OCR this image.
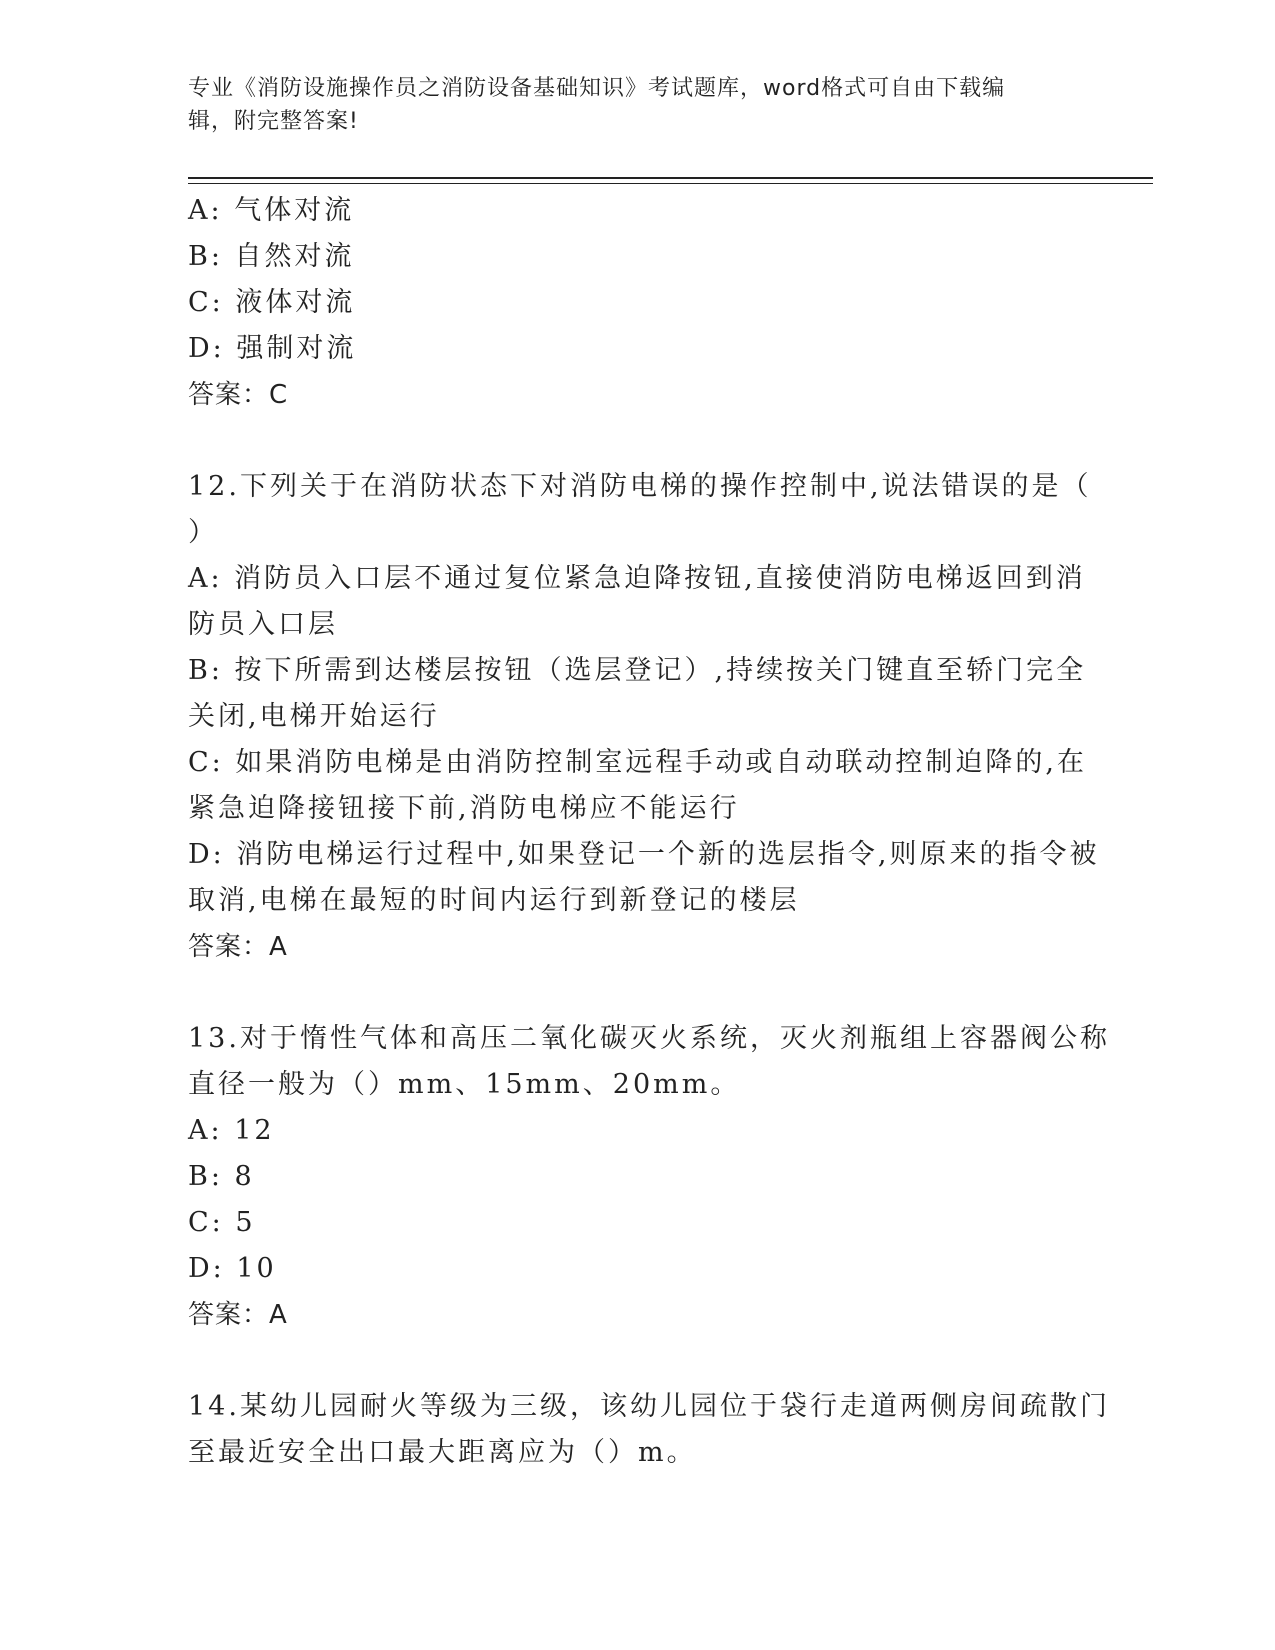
专业《消防设施操作员之消防设备基础知识》考试题库，word格式可自由下载编
辑，附完整答案!
A: 气体对流
B: 自然对流
C: 液体对流
D: 强制对流
答案：C
12.下列关于在消防状态下对消防电梯的操作控制中,说法错误的是（
）
A: 消防员入口层不通过复位紧急迫降按钮,直接使消防电梯返回到消
防员入口层
B: 按下所需到达楼层按钮（选层登记）,持续按关门键直至轿门完全
关闭,电梯开始运行
C: 如果消防电梯是由消防控制室远程手动或自动联动控制迫降的,在
紧急迫降接钮接下前,消防电梯应不能运行
D: 消防电梯运行过程中,如果登记一个新的选层指令,则原来的指令被
取消,电梯在最短的时间内运行到新登记的楼层
答案：A
13.对于惰性气体和高压二氧化碳灭火系统，灭火剂瓶组上容器阀公称
直径一般为（）mm、15mm、20mm。
A: 12
B: 8
C: 5
D: 10
答案：A
14.某幼儿园耐火等级为三级，该幼儿园位于袋行走道两侧房间疏散门
至最近安全出口最大距离应为（）m。
